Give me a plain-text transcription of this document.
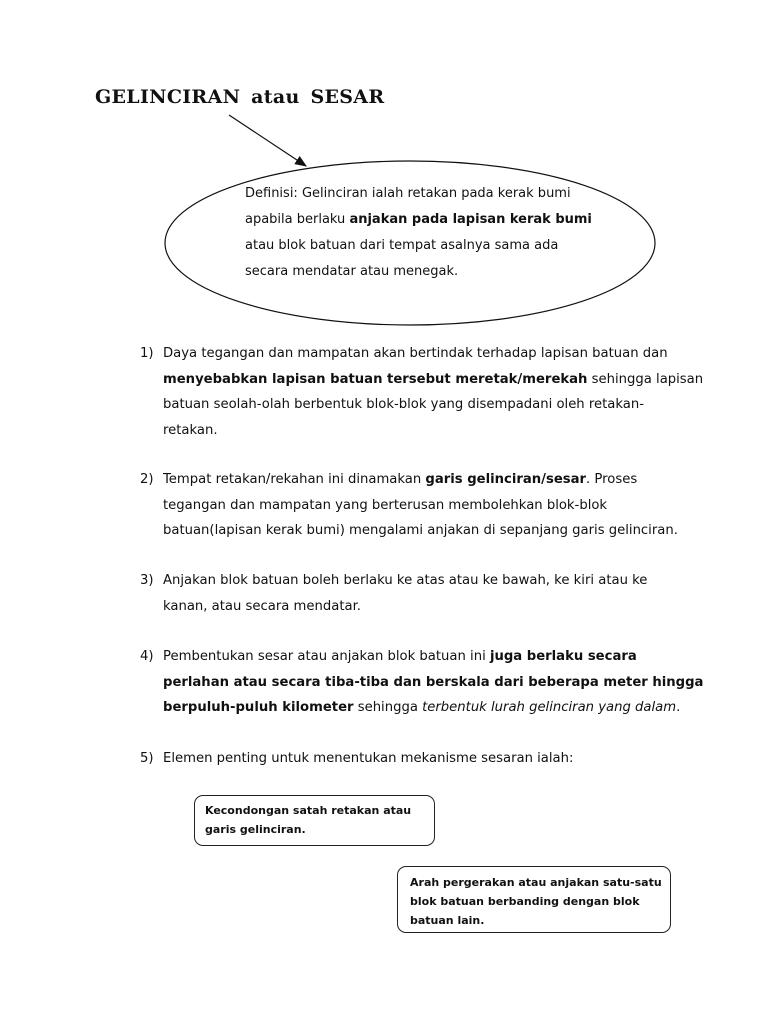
GELINCIRAN atau SESAR

Definisi: Gelinciran ialah retakan pada kerak bumi

apabila berlaku anjakan pada lapisan kerak bumi

atau blok batuan dari tempat asalnya sama ada

secara mendatar atau menegak.

1) Daya tegangan dan mampatan akan bertindak terhadap lapisan batuan dan

menyebabkan lapisan batuan tersebut meretak/merekah sehingga lapisan

batuan seolah-olah berbentuk blok-blok yang disempadani oleh retakan-

retakan.

2) Tempat retakan/rekahan ini dinamakan garis gelinciran/sesar. Proses

tegangan dan mampatan yang berterusan membolehkan blok-blok

batuan(lapisan kerak bumi) mengalami anjakan di sepanjang garis gelinciran.

3) Anjakan blok batuan boleh berlaku ke atas atau ke bawah, ke kiri atau ke

kanan, atau secara mendatar.

4) Pembentukan sesar atau anjakan blok batuan ini juga berlaku secara

perlahan atau secara tiba-tiba dan berskala dari beberapa meter hingga

berpuluh-puluh kilometer sehingga terbentuk lurah gelinciran yang dalam.

5) Elemen penting untuk menentukan mekanisme sesaran ialah:

Kecondongan satah retakan atau

garis gelinciran.

Arah pergerakan atau anjakan satu-satu

blok batuan berbanding dengan blok

batuan lain.
